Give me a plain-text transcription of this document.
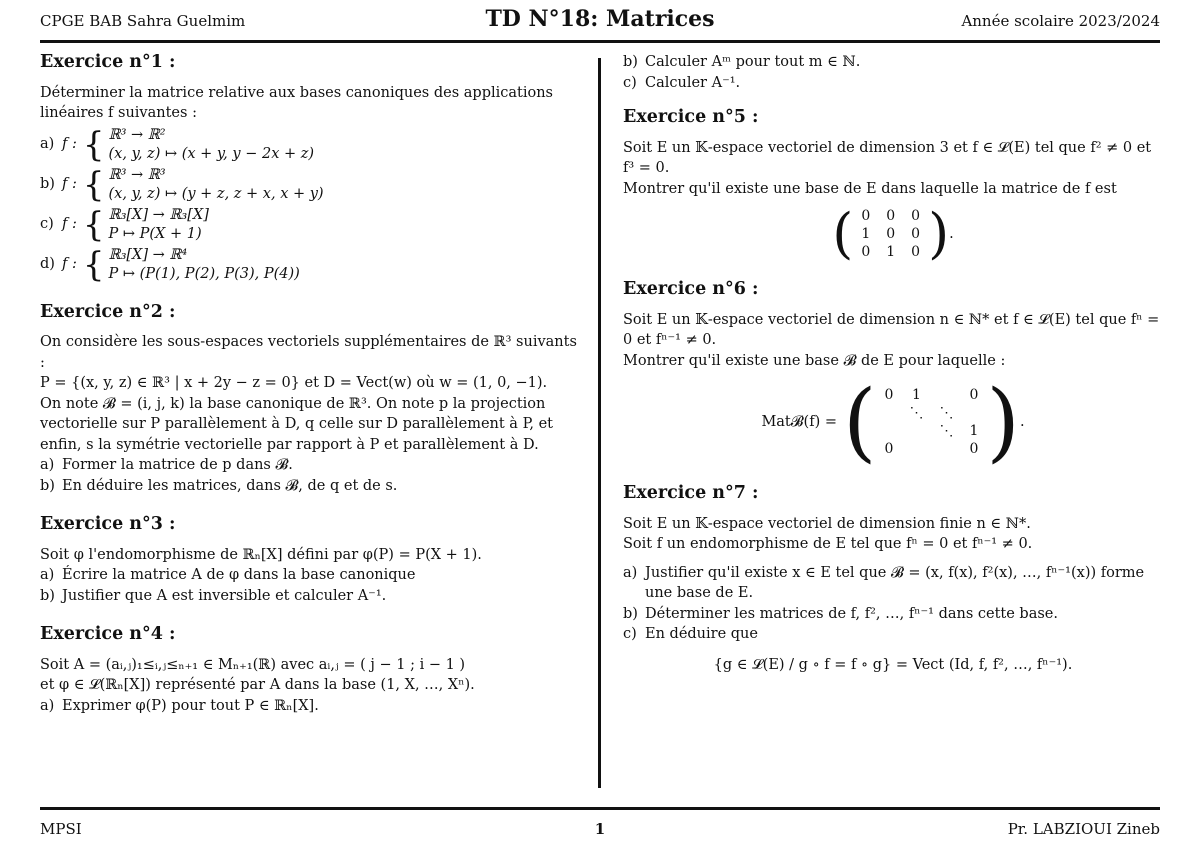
CPGE BAB Sahra Guelmim	TD N°18: Matrices	Année scolaire 2023/2024
Exercice n°1 :

Déterminer la matrice relative aux bases canoniques des applications linéaires f suivantes :

a) f : { ℝ³ → ℝ²
(x, y, z) ↦ (x + y, y − 2x + z)
b) f : { ℝ³ → ℝ³
(x, y, z) ↦ (y + z, z + x, x + y)
c) f : { ℝ₃[X] → ℝ₃[X]
P ↦ P(X + 1)
d) f : { ℝ₃[X] → ℝ⁴
P ↦ (P(1), P(2), P(3), P(4))
Exercice n°2 :

On considère les sous-espaces vectoriels supplémentaires de ℝ³ suivants :

P = {(x, y, z) ∈ ℝ³ | x + 2y − z = 0} et D = Vect(w) où w = (1, 0, −1).

On note 𝓑 = (i, j, k) la base canonique de ℝ³. On note p la projection vectorielle sur P parallèlement à D, q celle sur D parallèlement à P, et enfin, s la symétrie vectorielle par rapport à P et parallèlement à D.

a) Former la matrice de p dans 𝓑.
b) En déduire les matrices, dans 𝓑, de q et de s.
Exercice n°3 :

Soit φ l'endomorphisme de ℝₙ[X] défini par φ(P) = P(X + 1).

a) Écrire la matrice A de φ dans la base canonique
b) Justifier que A est inversible et calculer A⁻¹.
Exercice n°4 :

Soit A = (aᵢ,ⱼ)₁≤ᵢ,ⱼ≤ₙ₊₁ ∈ Mₙ₊₁(ℝ) avec aᵢ,ⱼ = ( j − 1 ; i − 1 )

et φ ∈ 𝓛(ℝₙ[X]) représenté par A dans la base (1, X, …, Xⁿ).

a) Exprimer φ(P) pour tout P ∈ ℝₙ[X].
b) Calculer Aᵐ pour tout m ∈ ℕ.
c) Calculer A⁻¹.
Exercice n°5 :

Soit E un 𝕂-espace vectoriel de dimension 3 et f ∈ 𝓛(E) tel que f² ≠ 0 et f³ = 0.

Montrer qu'il existe une base de E dans laquelle la matrice de f est

( 0	0	0
1	0	0
0	1	0 ) .
Exercice n°6 :

Soit E un 𝕂-espace vectoriel de dimension n ∈ ℕ* et f ∈ 𝓛(E) tel que fⁿ = 0 et fⁿ⁻¹ ≠ 0.

Montrer qu'il existe une base 𝓑 de E pour laquelle :

Mat𝓑(f) = ( 0	1		0
	⋱	⋱	
		⋱	1
0			0 ) .
Exercice n°7 :

Soit E un 𝕂-espace vectoriel de dimension finie n ∈ ℕ*.

Soit f un endomorphisme de E tel que fⁿ = 0 et fⁿ⁻¹ ≠ 0.

a) Justifier qu'il existe x ∈ E tel que 𝓑 = (x, f(x), f²(x), …, fⁿ⁻¹(x)) forme une base de E.
b) Déterminer les matrices de f, f², …, fⁿ⁻¹ dans cette base.
c) En déduire que
{g ∈ 𝓛(E) / g ∘ f = f ∘ g} = Vect (Id, f, f², …, fⁿ⁻¹).
MPSI	1	Pr. LABZIOUI Zineb
